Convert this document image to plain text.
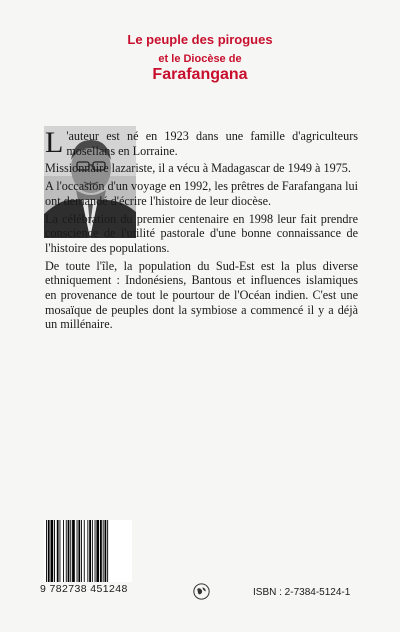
Le peuple des pirogues
et le Diocèse de
Farafangana

L 'auteur est né en 1923 dans une famille d'agriculteurs mosellans en Lorraine.

Missionnaire lazariste, il a vécu à Madagascar de 1949 à 1975.

A l'occasion d'un voyage en 1992, les prêtres de Farafangana lui ont demandé d'écrire l'histoire de leur diocèse.

La célébration du premier centenaire en 1998 leur fait prendre conscience de l'utilité pastorale d'une bonne connaissance de l'histoire des populations.

De toute l'île, la population du Sud-Est est la plus diverse ethniquement : Indonésiens, Bantous et influences islamiques en provenance de tout le pourtour de l'Océan indien. C'est une mosaïque de peuples dont la symbiose a commencé il y a déjà un millénaire.

9 782738 451248	ISBN : 2-7384-5124-1
